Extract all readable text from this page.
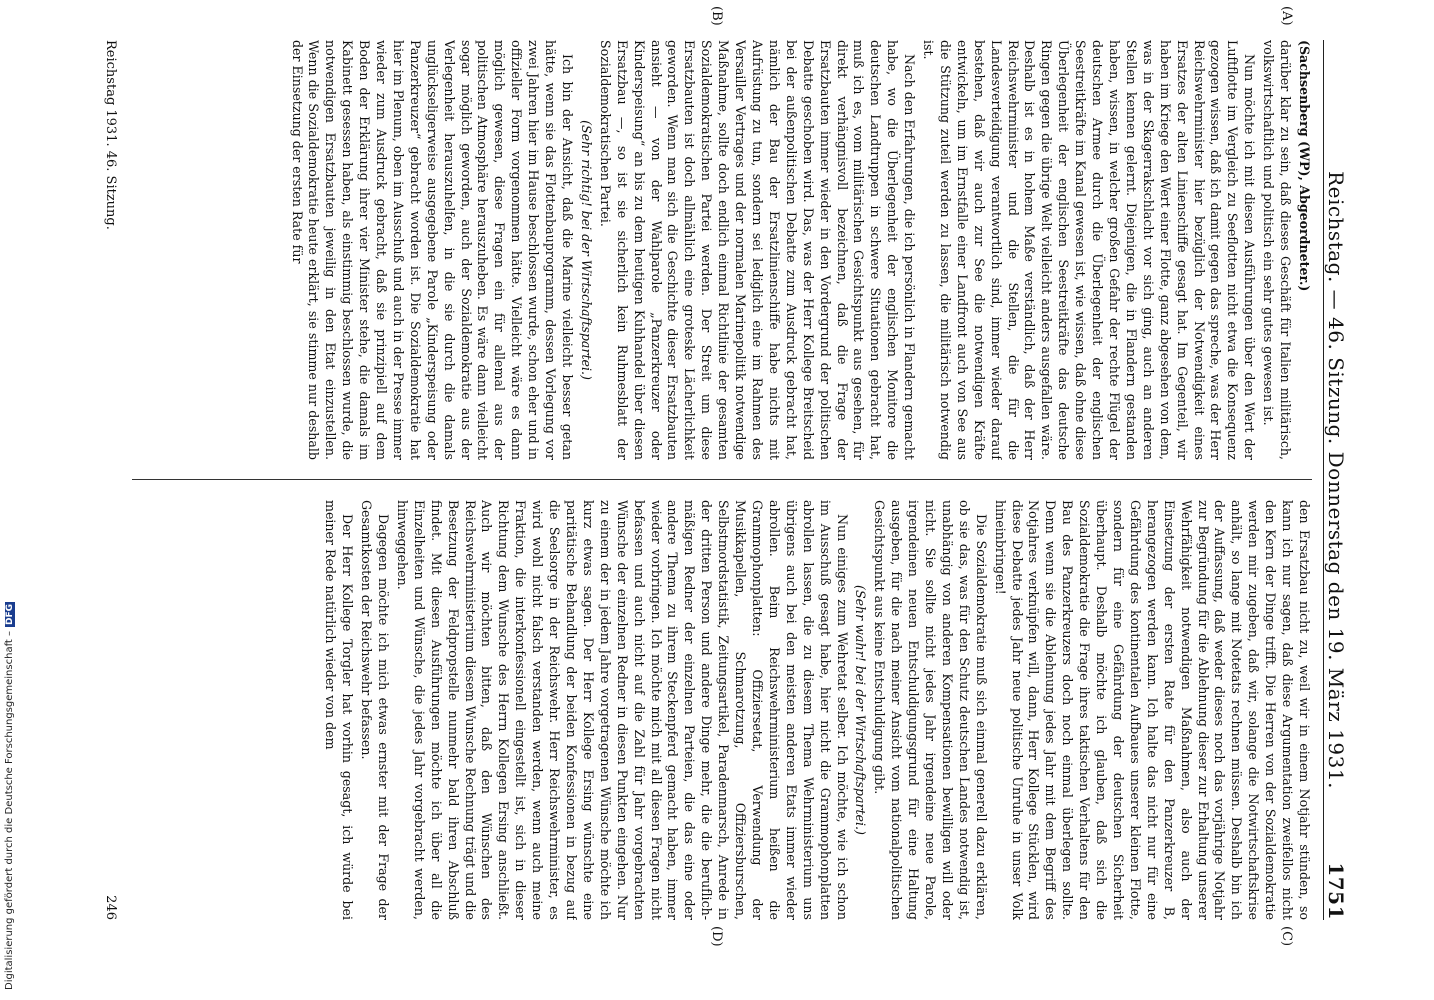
Reichstag. — 46. Sitzung. Donnerstag den 19. März 1931.
1751
(A)
(B)
(C)
(D)

(Sachsenberg (WP), Abgeordneter.)

darüber klar zu sein, daß dieses Geschäft für Italien militärisch, volkswirtschaftlich und politisch ein sehr gutes gewesen ist.

Nun möchte ich mit diesen Ausführungen über den Wert der Luftflotte im Vergleich zu Seeflotten nicht etwa die Konsequenz gezogen wissen, daß ich damit gegen das spreche, was der Herr Reichswehrminister hier bezüglich der Notwendigkeit eines Ersatzes der alten Linienschiffe gesagt hat. Im Gegenteil, wir haben im Kriege den Wert einer Flotte, ganz abgesehen von dem, was in der Skagerrakschlacht vor sich ging, auch an anderen Stellen kennen gelernt. Diejenigen, die in Flandern gestanden haben, wissen, in welcher großen Gefahr der rechte Flügel der deutschen Armee durch die Überlegenheit der englischen Seestreitkräfte im Kanal gewesen ist, wie wissen, daß ohne diese Überlegenheit der englischen Seestreitkräfte das deutsche Ringen gegen die übrige Welt vielleicht anders ausgefallen wäre. Deshalb ist es in hohem Maße verständlich, daß der Herr Reichswehrminister und die Stellen, die für die Landesverteidigung verantwortlich sind, immer wieder darauf bestehen, daß wir auch zur See die notwendigen Kräfte entwickeln, um im Ernstfalle einer Landfront auch von See aus die Stützung zuteil werden zu lassen, die militärisch notwendig ist.

Nach den Erfahrungen, die ich persönlich in Flandern gemacht habe, wo die Überlegenheit der englischen Monitore die deutschen Landtruppen in schwere Situationen gebracht hat, muß ich es, vom militärischen Gesichtspunkt aus gesehen, für direkt verhängnisvoll bezeichnen, daß die Frage der Ersatzbauten immer wieder in den Vordergrund der politischen Debatte geschoben wird. Das, was der Herr Kollege Breitscheid bei der außenpolitischen Debatte zum Ausdruck gebracht hat, nämlich der Bau der Ersatzlinienschiffe habe nichts mit Aufrüstung zu tun, sondern sei lediglich eine im Rahmen des Versailler Vertrages und der normalen Marinepolitik notwendige Maßnahme, sollte doch endlich einmal Richtlinie der gesamten Sozialdemokratischen Partei werden. Der Streit um diese Ersatzbauten ist doch allmählich eine groteske Lächerlichkeit geworden. Wenn man sich die Geschichte dieser Ersatzbauten ansieht — von der Wahlparole „Panzerkreuzer oder Kinderspeisung“ an bis zu dem heutigen Kuhhandel über diesen Ersatzbau —, so ist sie sicherlich kein Ruhmesblatt der Sozialdemokratischen Partei.

(Sehr richtig! bei der Wirtschaftspartei.)

Ich bin der Ansicht, daß die Marine vielleicht besser getan hätte, wenn sie das Flottenbauprogramm, dessen Vorlegung vor zwei Jahren hier im Hause beschlossen wurde, schon eher und in offizieller Form vorgenommen hätte. Vielleicht wäre es dann möglich gewesen, diese Fragen ein für allemal aus der politischen Atmosphäre herauszuheben. Es wäre dann vielleicht sogar möglich geworden, auch der Sozialdemokratie aus der Verlegenheit herauszuhelfen, in die sie durch die damals unglückseligerweise ausgegebene Parole „Kinderspeisung oder Panzerkreuzer“ gebracht worden ist. Die Sozialdemokratie hat hier im Plenum, oben im Ausschuß und auch in der Presse immer wieder zum Ausdruck gebracht, daß sie prinzipiell auf dem Boden der Erklärung ihrer vier Minister stehe, die damals im Kabinett gesessen haben, als einstimmig beschlossen wurde, die notwendigen Ersatzbauten jeweilig in den Etat einzustellen. Wenn die Sozialdemokratie heute erklärt, sie stimme nur deshalb der Einsetzung der ersten Rate für

den Ersatzbau nicht zu, weil wir in einem Notjahr stünden, so kann ich nur sagen, daß diese Argumentation zweifellos nicht den Kern der Dinge trifft. Die Herren von der Sozialdemokratie werden mir zugeben, daß wir, solange die Notwirtschaftskrise anhält, so lange mit Notetats rechnen müssen. Deshalb bin ich der Auffassung, daß weder dieses noch das vorjährige Notjahr zur Begründung für die Ablehnung dieser zur Erhaltung unserer Wehrfähigkeit notwendigen Maßnahmen, also auch der Einsetzung der ersten Rate für den Panzerkreuzer B, herangezogen werden kann. Ich halte das nicht nur für eine Gefährdung des kontinentalen Aufbaues unserer kleinen Flotte, sondern für eine Gefährdung der deutschen Sicherheit überhaupt. Deshalb möchte ich glauben, daß sich die Sozialdemokratie die Frage ihres taktischen Verhaltens für den Bau des Panzerkreuzers doch noch einmal überlegen sollte. Denn wenn sie die Ablehnung jedes Jahr mit dem Begriff des Notjahres verknüpfen will, dann, Herr Kollege Stücklen, wird diese Debatte jedes Jahr neue politische Unruhe in unser Volk hineinbringen!

Die Sozialdemokratie muß sich einmal generell dazu erklären, ob sie das, was für den Schutz deutschen Landes notwendig ist, unabhängig von anderen Kompensationen bewilligen will oder nicht. Sie sollte nicht jedes Jahr irgendeine neue Parole, irgendeinen neuen Entschuldigungsgrund für eine Haltung ausgeben, für die nach meiner Ansicht vom nationalpolitischen Gesichtspunkt aus keine Entschuldigung gibt.

(Sehr wahr! bei der Wirtschaftspartei.)

Nun einiges zum Wehretat selber. Ich möchte, wie ich schon im Ausschuß gesagt habe, hier nicht die Grammophonplatten abrollen lassen, die zu diesem Thema Wehrministerium uns übrigens auch bei den meisten anderen Etats immer wieder abrollen. Beim Reichswehrministerium heißen die Grammophonplatten: Offiziersetat, Verwendung der Musikkapellen, Schmarotzung, Offiziersburschen, Selbstmordstatistik, Zeitungsartikel, Paradenmarsch, Anrede in der dritten Person und andere Dinge mehr, die die beruflich-mäßigen Redner der einzelnen Parteien, die das eine oder andere Thema zu ihrem Steckenpferd gemacht haben, immer wieder vorbringen. Ich möchte mich mit all diesen Fragen nicht befassen und auch nicht auf die Zahl für Jahr vorgebrachten Wünsche der einzelnen Redner in diesen Punkten eingehen. Nur zu einem der in jedem Jahre vorgetragenen Wünsche möchte ich kurz etwas sagen. Der Herr Kollege Ersing wünschte eine paritätische Behandlung der beiden Konfessionen in bezug auf die Seelsorge in der Reichswehr. Herr Reichswehrminister, es wird wohl nicht falsch verstanden werden, wenn auch meine Fraktion, die interkonfessionell eingestellt ist, sich in dieser Richtung dem Wunsche des Herrn Kollegen Ersing anschließt. Auch wir möchten bitten, daß den Wünschen des Reichswehrministerium diesem Wunsche Rechnung trägt und die Besetzung der Feldpropstelle nunmehr bald ihren Abschluß findet. Mit diesen Ausführungen möchte ich über all die Einzelheiten und Wünsche, die jedes Jahr vorgebracht werden, hinweggehen.

Dagegen möchte ich mich etwas ernster mit der Frage der Gesamtkosten der Reichswehr befassen.

Der Herr Kollege Torgler hat vorhin gesagt, ich würde bei meiner Rede natürlich wieder von dem

Reichstag 1931. 46. Sitzung.
246
Digitalisierung gefördert durch die Deutsche Forschungsgemeinschaft –DFG
